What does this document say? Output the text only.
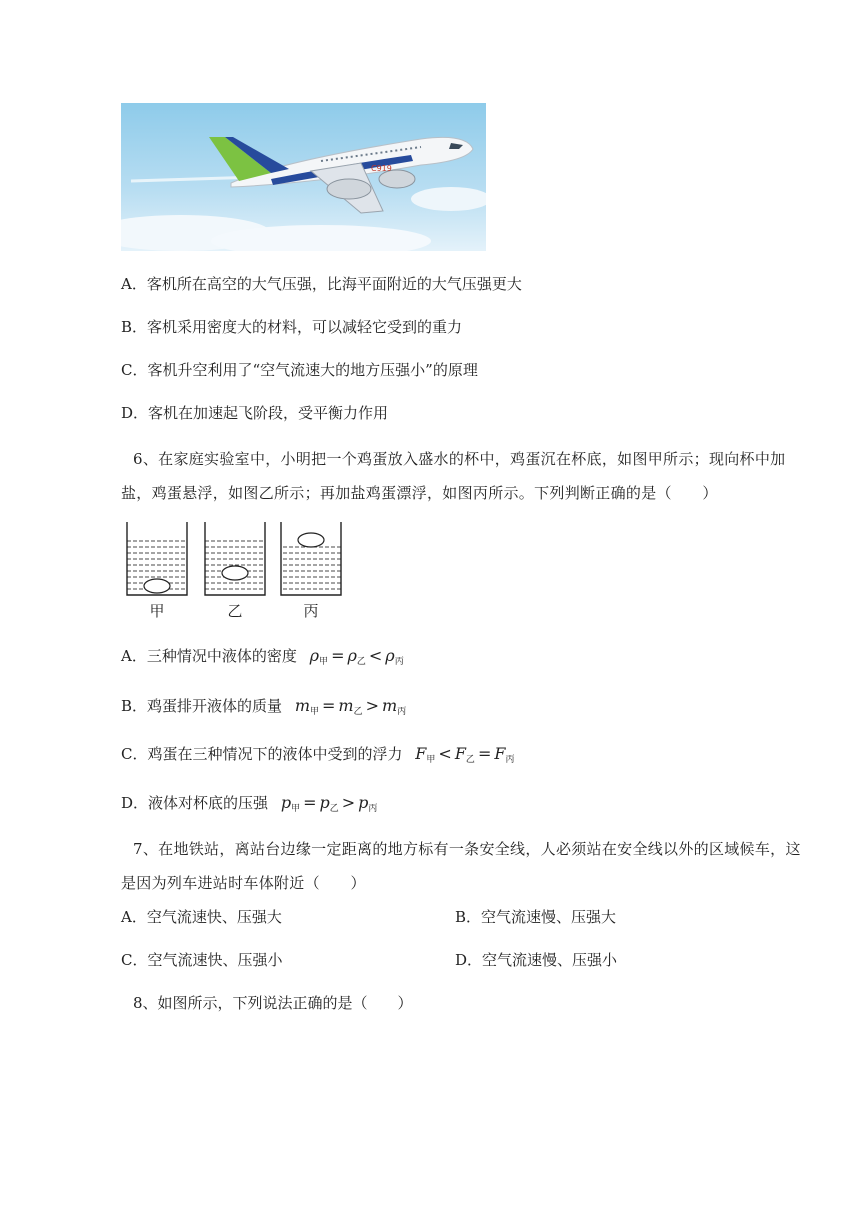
C919
A．客机所在高空的大气压强，比海平面附近的大气压强更大
B．客机采用密度大的材料，可以减轻它受到的重力
C．客机升空利用了“空气流速大的地方压强小”的原理
D．客机在加速起飞阶段，受平衡力作用
6、在家庭实验室中，小明把一个鸡蛋放入盛水的杯中，鸡蛋沉在杯底，如图甲所示；现向杯中加盐，鸡蛋悬浮，如图乙所示；再加盐鸡蛋漂浮，如图丙所示。下列判断正确的是（　　）
甲	乙	丙
A．三种情况中液体的密度 $\rho_甲 = \rho_乙 < \rho_丙$
B．鸡蛋排开液体的质量 $m_甲 = m_乙 > m_丙$
C．鸡蛋在三种情况下的液体中受到的浮力 $F_甲 < F_乙 = F_丙$
D．液体对杯底的压强 $p_甲 = p_乙 > p_丙$
7、在地铁站，离站台边缘一定距离的地方标有一条安全线，人必须站在安全线以外的区域候车，这是因为列车进站时车体附近（　　）
A．空气流速快、压强大	B．空气流速慢、压强大
C．空气流速快、压强小	D．空气流速慢、压强小
8、如图所示，下列说法正确的是（　　）
